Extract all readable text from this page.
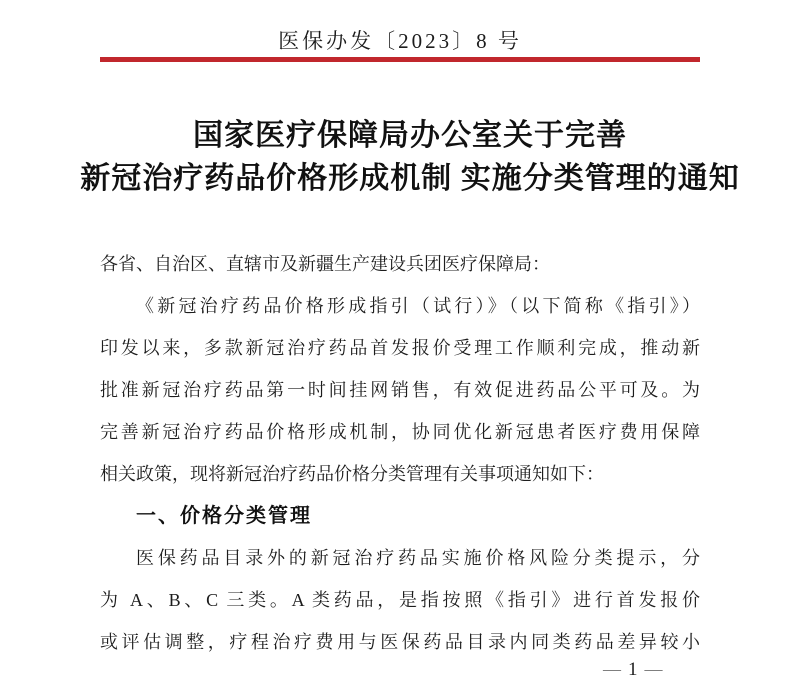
医保办发〔2023〕8 号
国家医疗保障局办公室关于完善
新冠治疗药品价格形成机制 实施分类管理的通知
各省、自治区、直辖市及新疆生产建设兵团医疗保障局：
《新冠治疗药品价格形成指引（试行）》（以下简称《指引》）
印发以来，多款新冠治疗药品首发报价受理工作顺利完成，推动新
批准新冠治疗药品第一时间挂网销售，有效促进药品公平可及。为
完善新冠治疗药品价格形成机制，协同优化新冠患者医疗费用保障
相关政策，现将新冠治疗药品价格分类管理有关事项通知如下：
一、价格分类管理
医保药品目录外的新冠治疗药品实施价格风险分类提示，分
为 A、B、C 三类。A 类药品，是指按照《指引》进行首发报价
或评估调整，疗程治疗费用与医保药品目录内同类药品差异较小
— 1 —
